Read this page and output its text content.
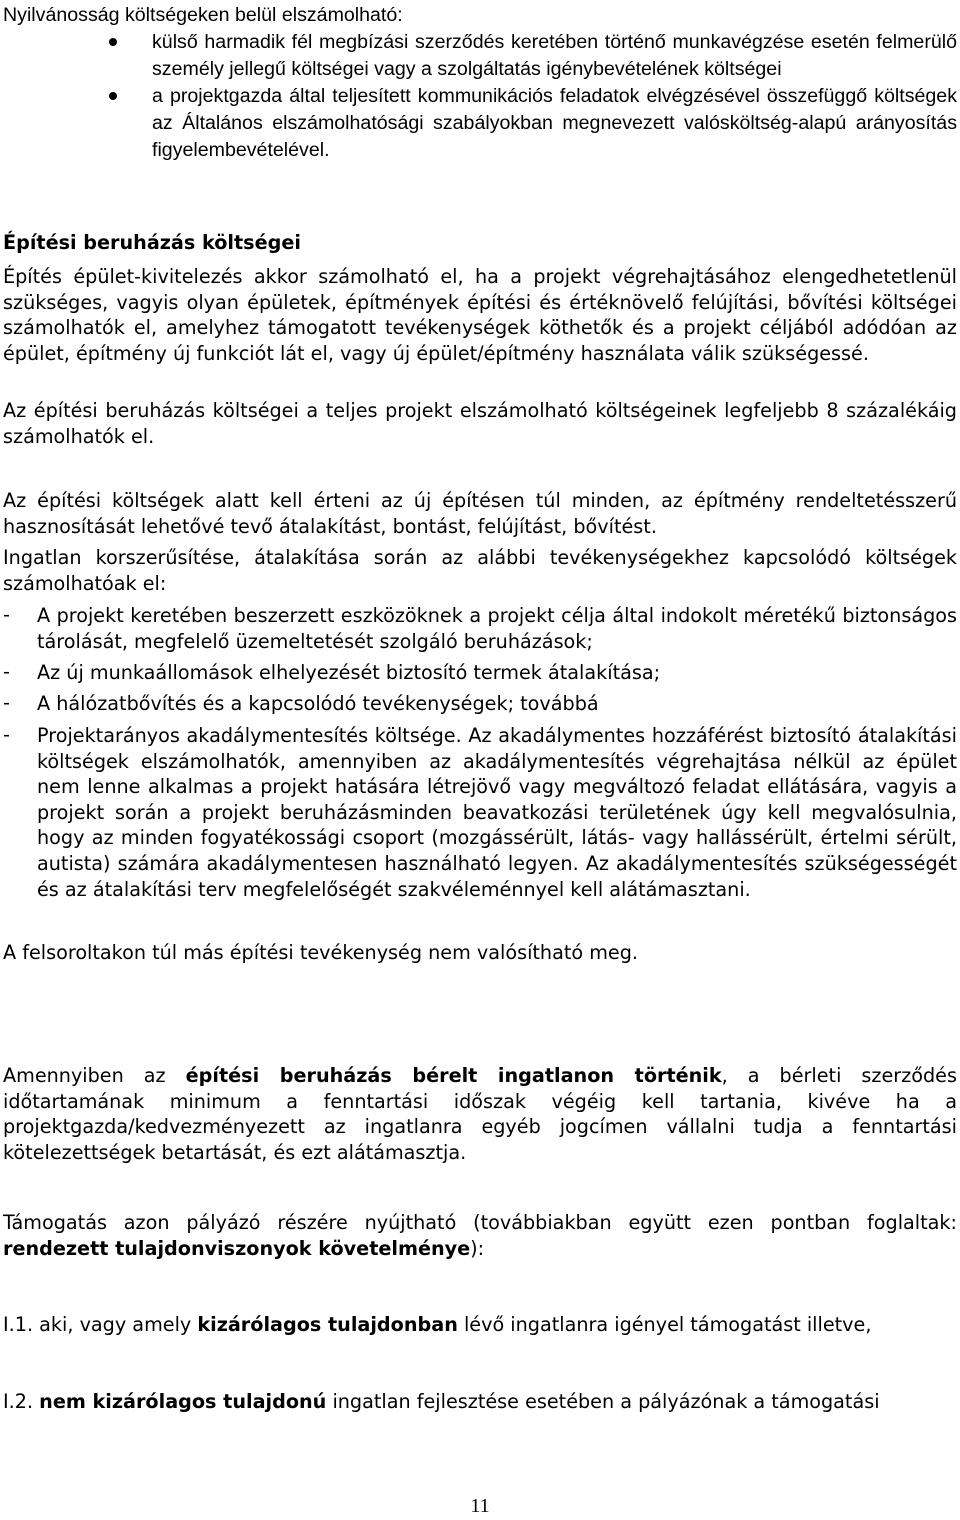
Nyilvánosság költségeken belül elszámolható:

külső harmadik fél megbízási szerződés keretében történő munkavégzése esetén felmerülő személy jellegű költségei vagy a szolgáltatás igénybevételének költségei

a projektgazda által teljesített kommunikációs feladatok elvégzésével összefüggő költségek az Általános elszámolhatósági szabályokban megnevezett valósköltség-alapú arányosítás figyelembevételével.

Építési beruházás költségei

Építés épület-kivitelezés akkor számolható el, ha a projekt végrehajtásához elengedhetetlenül szükséges, vagyis olyan épületek, építmények építési és értéknövelő felújítási, bővítési költségei számolhatók el, amelyhez támogatott tevékenységek köthetők és a projekt céljából adódóan az épület, építmény új funkciót lát el, vagy új épület/építmény használata válik szükségessé.

Az építési beruházás költségei a teljes projekt elszámolható költségeinek legfeljebb 8 százalékáig számolhatók el.

Az építési költségek alatt kell érteni az új építésen túl minden, az építmény rendeltetésszerű hasznosítását lehetővé tevő átalakítást, bontást, felújítást, bővítést.

Ingatlan korszerűsítése, átalakítása során az alábbi tevékenységekhez kapcsolódó költségek számolhatóak el:

- A projekt keretében beszerzett eszközöknek a projekt célja által indokolt méretékű biztonságos tárolását, megfelelő üzemeltetését szolgáló beruházások;

- Az új munkaállomások elhelyezését biztosító termek átalakítása;

- A hálózatbővítés és a kapcsolódó tevékenységek; továbbá

- Projektarányos akadálymentesítés költsége. Az akadálymentes hozzáférést biztosító átalakítási költségek elszámolhatók, amennyiben az akadálymentesítés végrehajtása nélkül az épület nem lenne alkalmas a projekt hatására létrejövő vagy megváltozó feladat ellátására, vagyis a projekt során a projekt beruházásminden beavatkozási területének úgy kell megvalósulnia, hogy az minden fogyatékossági csoport (mozgássérült, látás- vagy hallássérült, értelmi sérült, autista) számára akadálymentesen használható legyen. Az akadálymentesítés szükségességét és az átalakítási terv megfelelőségét szakvéleménnyel kell alátámasztani.

A felsoroltakon túl más építési tevékenység nem valósítható meg.

Amennyiben az építési beruházás bérelt ingatlanon történik, a bérleti szerződés időtartamának minimum a fenntartási időszak végéig kell tartania, kivéve ha a projektgazda/kedvezményezett az ingatlanra egyéb jogcímen vállalni tudja a fenntartási kötelezettségek betartását, és ezt alátámasztja.

Támogatás azon pályázó részére nyújtható (továbbiakban együtt ezen pontban foglaltak: rendezett tulajdonviszonyok követelménye):

I.1. aki, vagy amely kizárólagos tulajdonban lévő ingatlanra igényel támogatást illetve,

I.2. nem kizárólagos tulajdonú ingatlan fejlesztése esetében a pályázónak a támogatási

11
